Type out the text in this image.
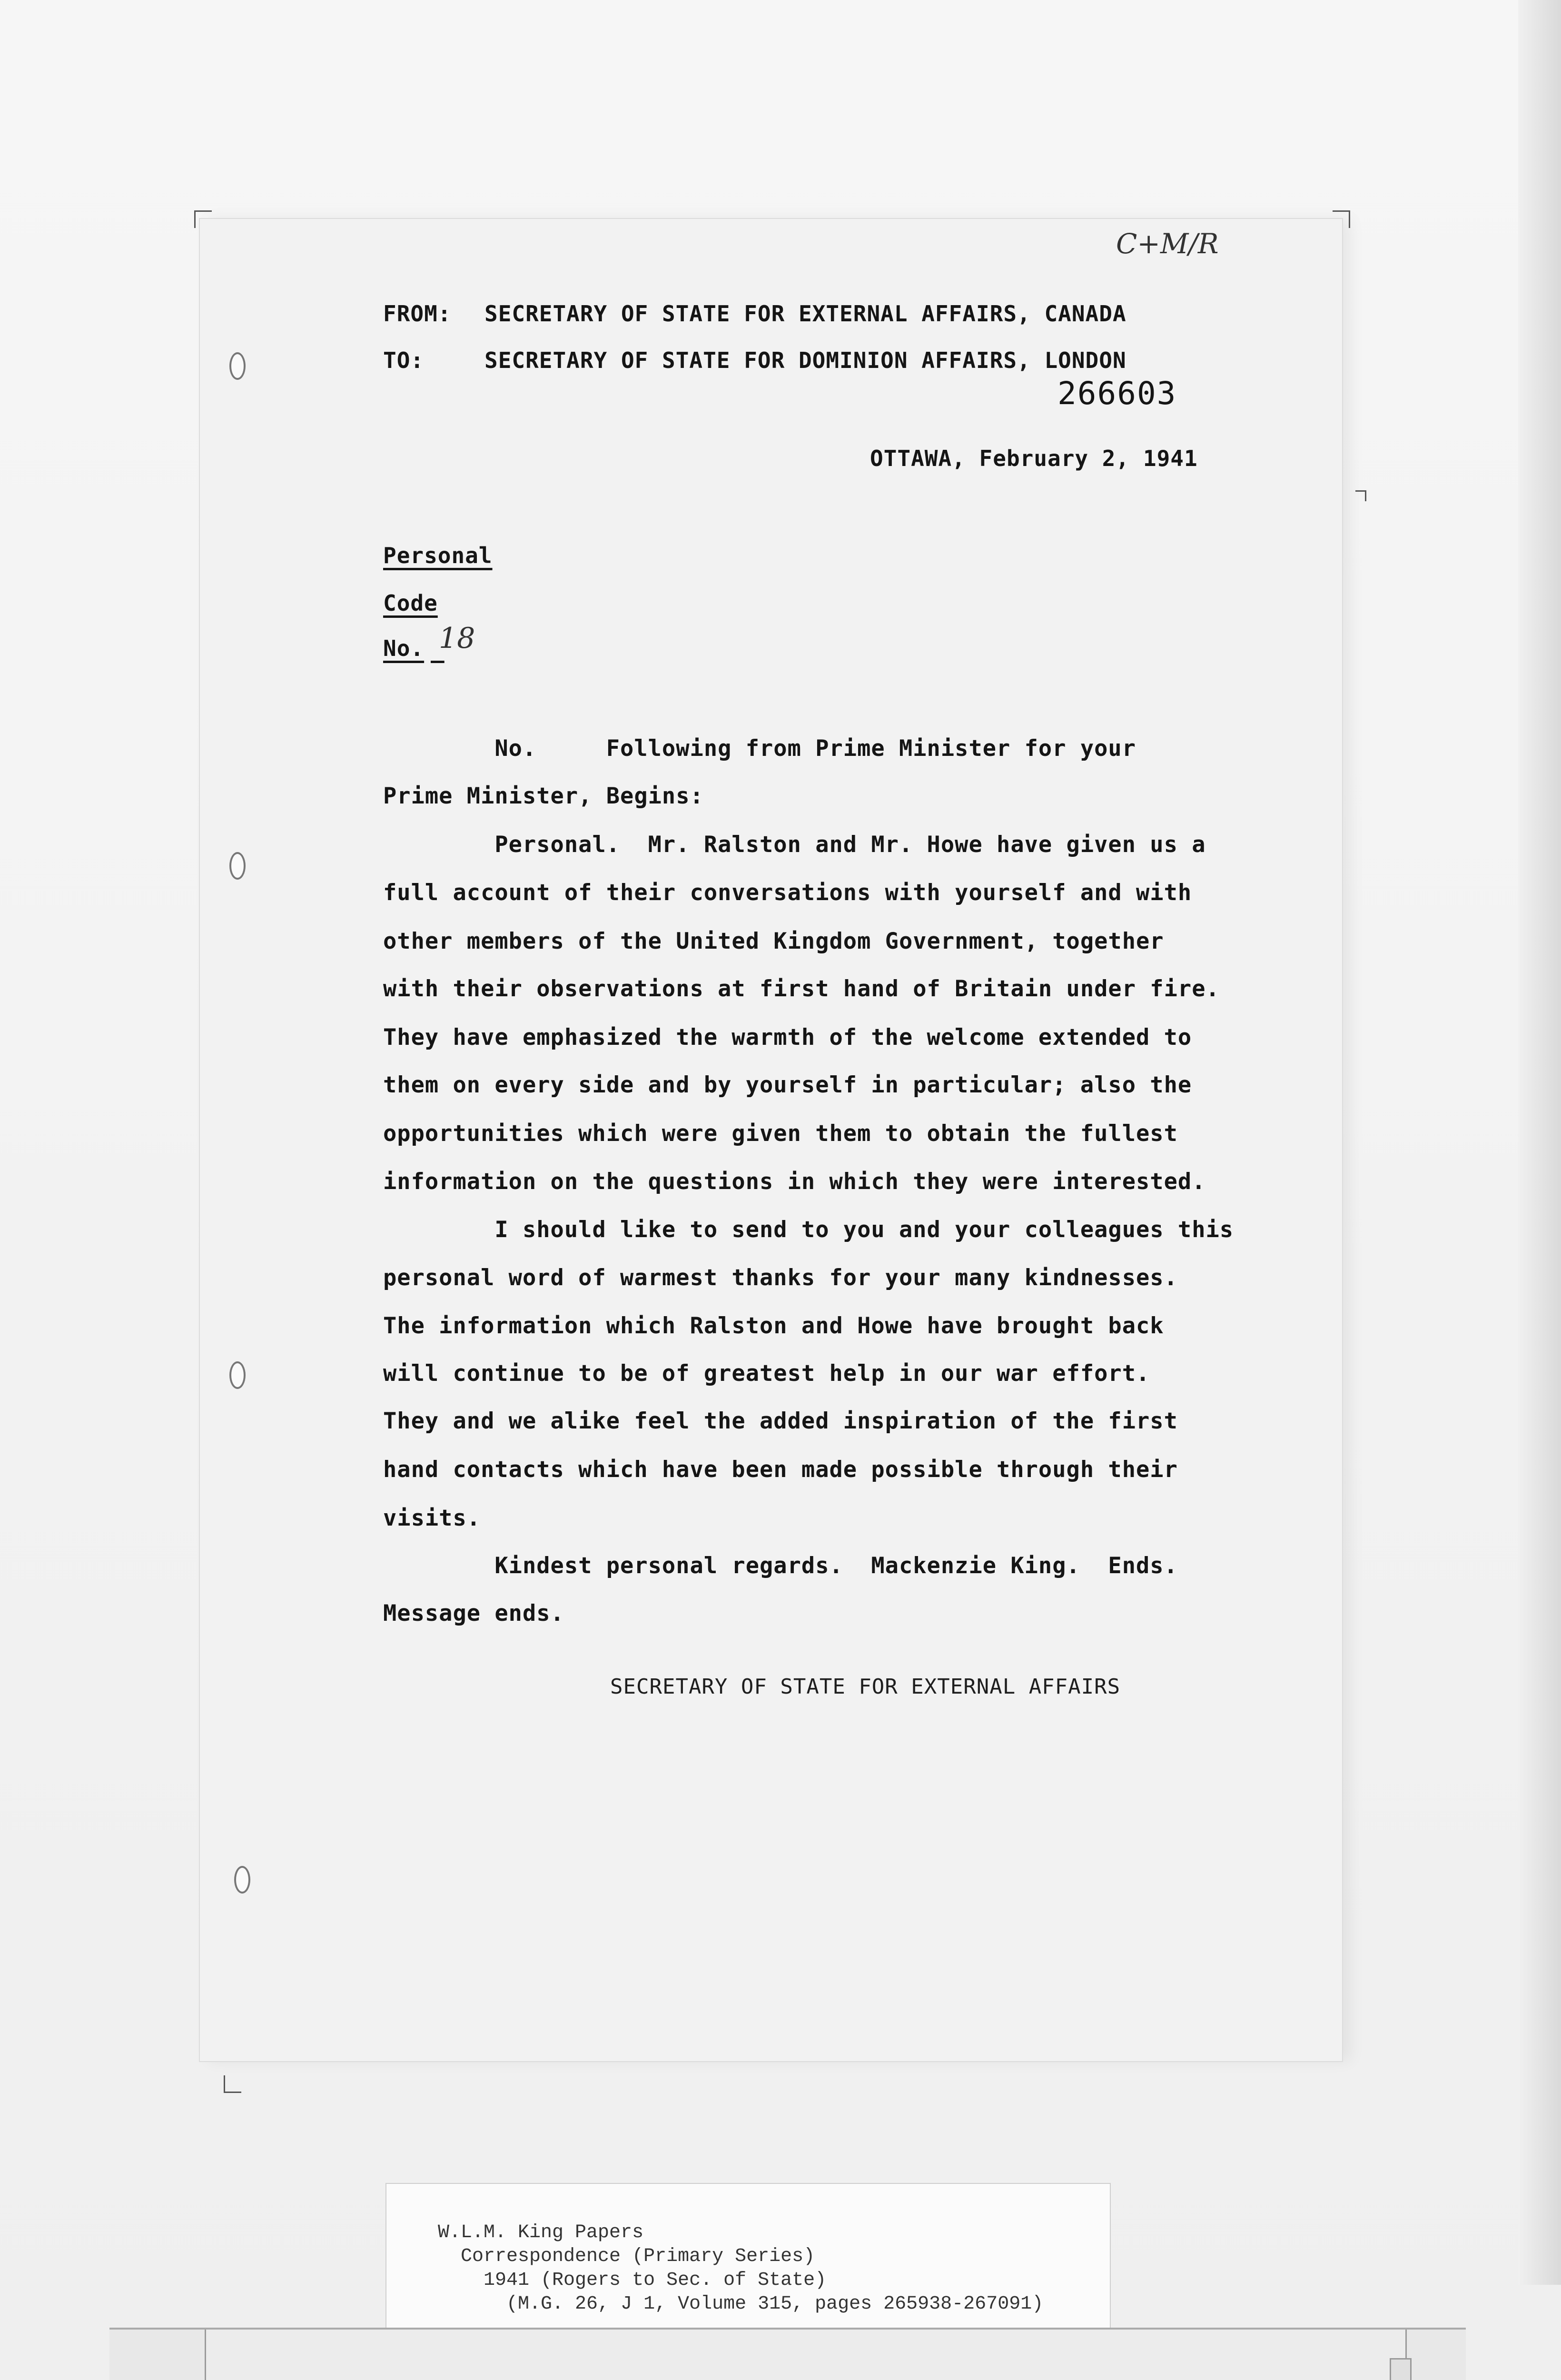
C+M/R
FROM: SECRETARY OF STATE FOR EXTERNAL AFFAIRS, CANADA
TO:	SECRETARY OF STATE FOR DOMINION AFFAIRS, LONDON
266603
OTTAWA, February 2, 1941
Personal
Code
No.
18
No.     Following from Prime Minister for your
Prime Minister, Begins:
Personal.  Mr. Ralston and Mr. Howe have given us a
full account of their conversations with yourself and with
other members of the United Kingdom Government, together
with their observations at first hand of Britain under fire.
They have emphasized the warmth of the welcome extended to
them on every side and by yourself in particular; also the
opportunities which were given them to obtain the fullest
information on the questions in which they were interested.
I should like to send to you and your colleagues this
personal word of warmest thanks for your many kindnesses.
The information which Ralston and Howe have brought back
will continue to be of greatest help in our war effort.
They and we alike feel the added inspiration of the first
hand contacts which have been made possible through their
visits.
Kindest personal regards.  Mackenzie King.  Ends.
Message ends.
SECRETARY OF STATE FOR EXTERNAL AFFAIRS
W.L.M. King Papers
Correspondence (Primary Series)
1941 (Rogers to Sec. of State)
(M.G. 26, J 1, Volume 315, pages 265938-267091)
